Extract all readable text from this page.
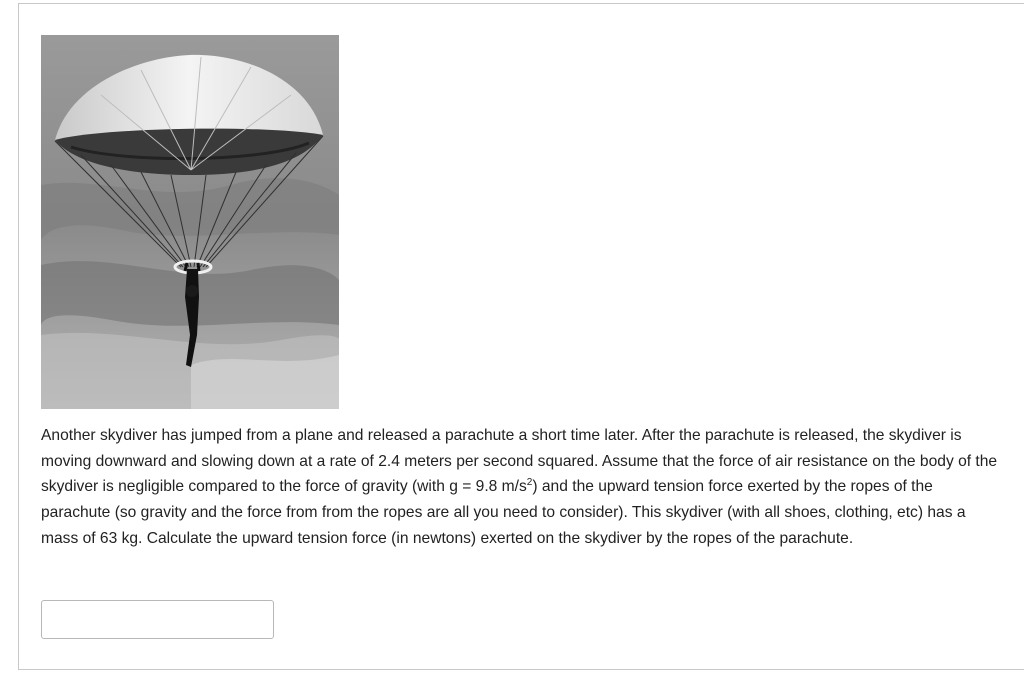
Another skydiver has jumped from a plane and released a parachute a short time later. After the parachute is released, the skydiver is moving downward and slowing down at a rate of 2.4 meters per second squared. Assume that the force of air resistance on the body of the skydiver is negligible compared to the force of gravity (with g = 9.8 $m/s^2$) and the upward tension force exerted by the ropes of the parachute (so gravity and the force from from the ropes are all you need to consider). This skydiver (with all shoes, clothing, etc) has a mass of 63 kg. Calculate the upward tension force (in newtons) exerted on the skydiver by the ropes of the parachute.
